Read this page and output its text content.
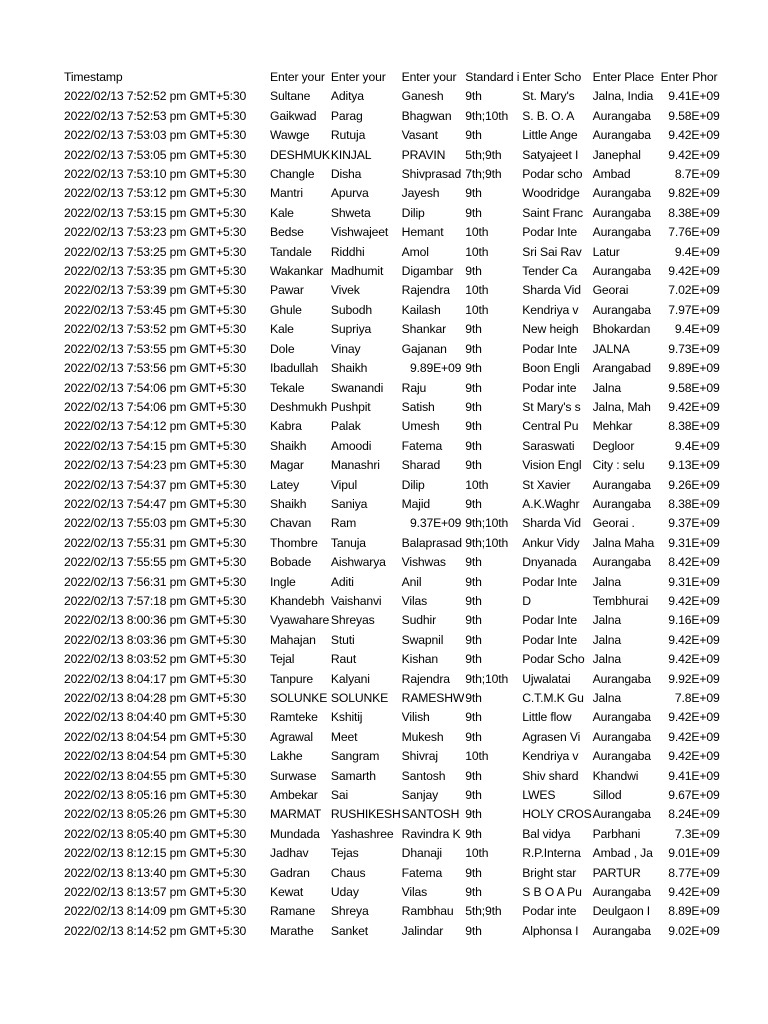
Timestamp	Enter your	Enter your	Enter your	Standard i	Enter Scho	Enter Place	Enter Phor
2022/02/13 7:52:52 pm GMT+5:30	Sultane	Aditya	Ganesh	9th	St. Mary's	Jalna, India	9.41E+09
2022/02/13 7:52:53 pm GMT+5:30	Gaikwad	Parag	Bhagwan	9th;10th	S. B. O. A	Aurangaba	9.58E+09
2022/02/13 7:53:03 pm GMT+5:30	Wawge	Rutuja	Vasant	9th	Little Ange	Aurangaba	9.42E+09
2022/02/13 7:53:05 pm GMT+5:30	DESHMUK	KINJAL	PRAVIN	5th;9th	Satyajeet I	Janephal	9.42E+09
2022/02/13 7:53:10 pm GMT+5:30	Changle	Disha	Shivprasad	7th;9th	Podar scho	Ambad	8.7E+09
2022/02/13 7:53:12 pm GMT+5:30	Mantri	Apurva	Jayesh	9th	Woodridge	Aurangaba	9.82E+09
2022/02/13 7:53:15 pm GMT+5:30	Kale	Shweta	Dilip	9th	Saint Franc	Aurangaba	8.38E+09
2022/02/13 7:53:23 pm GMT+5:30	Bedse	Vishwajeet	Hemant	10th	Podar Inte	Aurangaba	7.76E+09
2022/02/13 7:53:25 pm GMT+5:30	Tandale	Riddhi	Amol	10th	Sri Sai Rav	Latur	9.4E+09
2022/02/13 7:53:35 pm GMT+5:30	Wakankar	Madhumit	Digambar	9th	Tender Ca	Aurangaba	9.42E+09
2022/02/13 7:53:39 pm GMT+5:30	Pawar	Vivek	Rajendra	10th	Sharda Vid	Georai	7.02E+09
2022/02/13 7:53:45 pm GMT+5:30	Ghule	Subodh	Kailash	10th	Kendriya v	Aurangaba	7.97E+09
2022/02/13 7:53:52 pm GMT+5:30	Kale	Supriya	Shankar	9th	New heigh	Bhokardan	9.4E+09
2022/02/13 7:53:55 pm GMT+5:30	Dole	Vinay	Gajanan	9th	Podar Inte	JALNA	9.73E+09
2022/02/13 7:53:56 pm GMT+5:30	Ibadullah	Shaikh	9.89E+09	9th	Boon Engli	Arangabad	9.89E+09
2022/02/13 7:54:06 pm GMT+5:30	Tekale	Swanandi	Raju	9th	Podar inte	Jalna	9.58E+09
2022/02/13 7:54:06 pm GMT+5:30	Deshmukh	Pushpit	Satish	9th	St Mary's s	Jalna, Mah	9.42E+09
2022/02/13 7:54:12 pm GMT+5:30	Kabra	Palak	Umesh	9th	Central Pu	Mehkar	8.38E+09
2022/02/13 7:54:15 pm GMT+5:30	Shaikh	Amoodi	Fatema	9th	Saraswati	Degloor	9.4E+09
2022/02/13 7:54:23 pm GMT+5:30	Magar	Manashri	Sharad	9th	Vision Engl	City : selu	9.13E+09
2022/02/13 7:54:37 pm GMT+5:30	Latey	Vipul	Dilip	10th	St Xavier	Aurangaba	9.26E+09
2022/02/13 7:54:47 pm GMT+5:30	Shaikh	Saniya	Majid	9th	A.K.Waghr	Aurangaba	8.38E+09
2022/02/13 7:55:03 pm GMT+5:30	Chavan	Ram	9.37E+09	9th;10th	Sharda Vid	Georai .	9.37E+09
2022/02/13 7:55:31 pm GMT+5:30	Thombre	Tanuja	Balaprasad	9th;10th	Ankur Vidy	Jalna Maha	9.31E+09
2022/02/13 7:55:55 pm GMT+5:30	Bobade	Aishwarya	Vishwas	9th	Dnyanada	Aurangaba	8.42E+09
2022/02/13 7:56:31 pm GMT+5:30	Ingle	Aditi	Anil	9th	Podar Inte	Jalna	9.31E+09
2022/02/13 7:57:18 pm GMT+5:30	Khandebh	Vaishanvi	Vilas	9th	D	Tembhurai	9.42E+09
2022/02/13 8:00:36 pm GMT+5:30	Vyawahare	Shreyas	Sudhir	9th	Podar Inte	Jalna	9.16E+09
2022/02/13 8:03:36 pm GMT+5:30	Mahajan	Stuti	Swapnil	9th	Podar Inte	Jalna	9.42E+09
2022/02/13 8:03:52 pm GMT+5:30	Tejal	Raut	Kishan	9th	Podar Scho	Jalna	9.42E+09
2022/02/13 8:04:17 pm GMT+5:30	Tanpure	Kalyani	Rajendra	9th;10th	Ujwalatai	Aurangaba	9.92E+09
2022/02/13 8:04:28 pm GMT+5:30	SOLUNKE	SOLUNKE	RAMESHW	9th	C.T.M.K Gu	Jalna	7.8E+09
2022/02/13 8:04:40 pm GMT+5:30	Ramteke	Kshitij	Vilish	9th	Little flow	Aurangaba	9.42E+09
2022/02/13 8:04:54 pm GMT+5:30	Agrawal	Meet	Mukesh	9th	Agrasen Vi	Aurangaba	9.42E+09
2022/02/13 8:04:54 pm GMT+5:30	Lakhe	Sangram	Shivraj	10th	Kendriya v	Aurangaba	9.42E+09
2022/02/13 8:04:55 pm GMT+5:30	Surwase	Samarth	Santosh	9th	Shiv shard	Khandwi	9.41E+09
2022/02/13 8:05:16 pm GMT+5:30	Ambekar	Sai	Sanjay	9th	LWES	Sillod	9.67E+09
2022/02/13 8:05:26 pm GMT+5:30	MARMAT	RUSHIKESH	SANTOSH	9th	HOLY CROS	Aurangaba	8.24E+09
2022/02/13 8:05:40 pm GMT+5:30	Mundada	Yashashree	Ravindra K	9th	Bal vidya	Parbhani	7.3E+09
2022/02/13 8:12:15 pm GMT+5:30	Jadhav	Tejas	Dhanaji	10th	R.P.Interna	Ambad , Ja	9.01E+09
2022/02/13 8:13:40 pm GMT+5:30	Gadran	Chaus	Fatema	9th	Bright star	PARTUR	8.77E+09
2022/02/13 8:13:57 pm GMT+5:30	Kewat	Uday	Vilas	9th	S B O A Pu	Aurangaba	9.42E+09
2022/02/13 8:14:09 pm GMT+5:30	Ramane	Shreya	Rambhau	5th;9th	Podar inte	Deulgaon I	8.89E+09
2022/02/13 8:14:52 pm GMT+5:30	Marathe	Sanket	Jalindar	9th	Alphonsa I	Aurangaba	9.02E+09
